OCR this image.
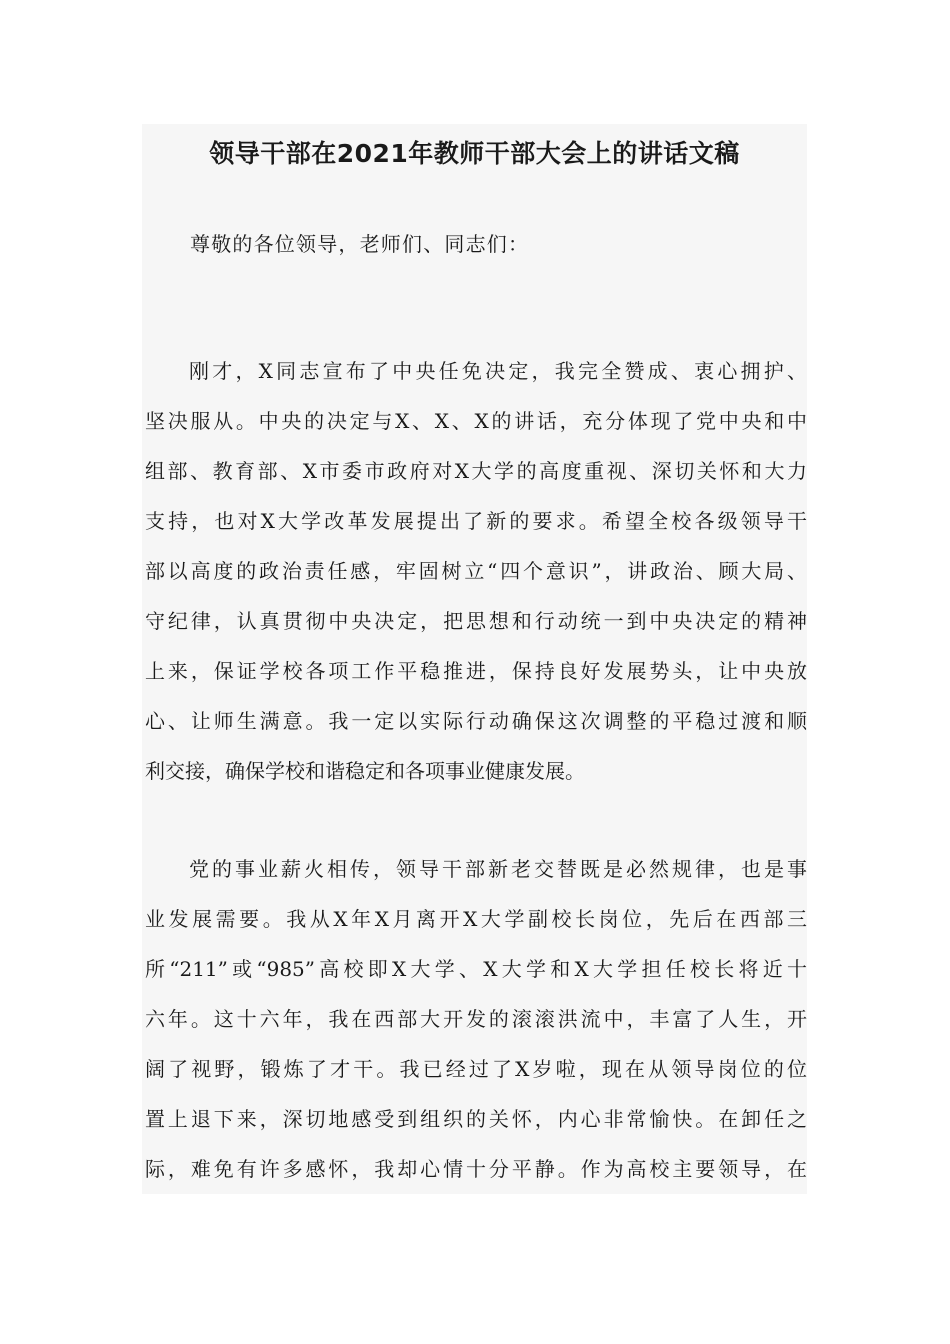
领导干部在2021年教师干部大会上的讲话文稿
尊敬的各位领导，老师们、同志们：
刚才，X同志宣布了中央任免决定，我完全赞成、衷心拥护、
坚决服从。中央的决定与X、X、X的讲话，充分体现了党中央和中
组部、教育部、X市委市政府对X大学的高度重视、深切关怀和大力
支持，也对X大学改革发展提出了新的要求。希望全校各级领导干
部以高度的政治责任感，牢固树立“四个意识”，讲政治、顾大局、
守纪律，认真贯彻中央决定，把思想和行动统一到中央决定的精神
上来，保证学校各项工作平稳推进，保持良好发展势头，让中央放
心、让师生满意。我一定以实际行动确保这次调整的平稳过渡和顺
利交接，确保学校和谐稳定和各项事业健康发展。
党的事业薪火相传，领导干部新老交替既是必然规律，也是事
业发展需要。我从X年X月离开X大学副校长岗位，先后在西部三
所“211”或“985”高校即X大学、X大学和X大学担任校长将近十
六年。这十六年，我在西部大开发的滚滚洪流中，丰富了人生，开
阔了视野，锻炼了才干。我已经过了X岁啦，现在从领导岗位的位
置上退下来，深切地感受到组织的关怀，内心非常愉快。在卸任之
际，难免有许多感怀，我却心情十分平静。作为高校主要领导，在
